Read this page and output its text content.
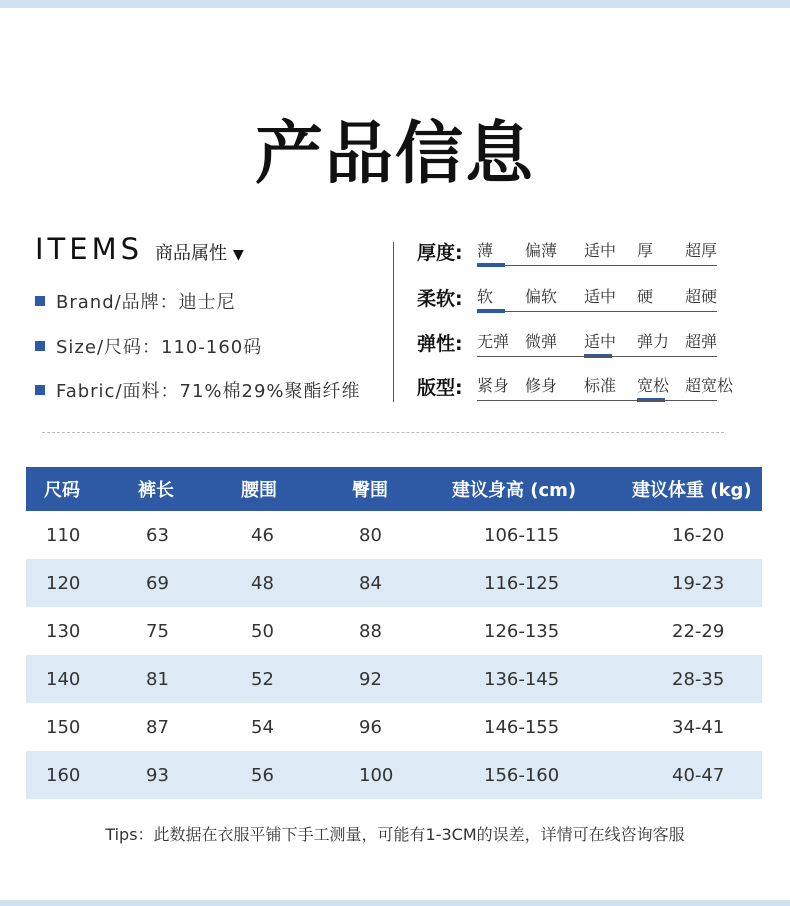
产品信息
ITEMS 商品属性 ▼
Brand/品牌：迪士尼
Size/尺码：110-160码
Fabric/面料：71%棉29%聚酯纤维
厚度: 薄 偏薄 适中 厚 超厚
柔软: 软 偏软 适中 硬 超硬
弹性: 无弹 微弹 适中 弹力 超弹
版型: 紧身 修身 标准 宽松 超宽松
尺码	裤长	腰围	臀围	建议身高 (cm)	建议体重 (kg)
110	63	46	80	106-115	16-20
120	69	48	84	116-125	19-23
130	75	50	88	126-135	22-29
140	81	52	92	136-145	28-35
150	87	54	96	146-155	34-41
160	93	56	100	156-160	40-47
Tips：此数据在衣服平铺下手工测量，可能有1-3CM的误差，详情可在线咨询客服
